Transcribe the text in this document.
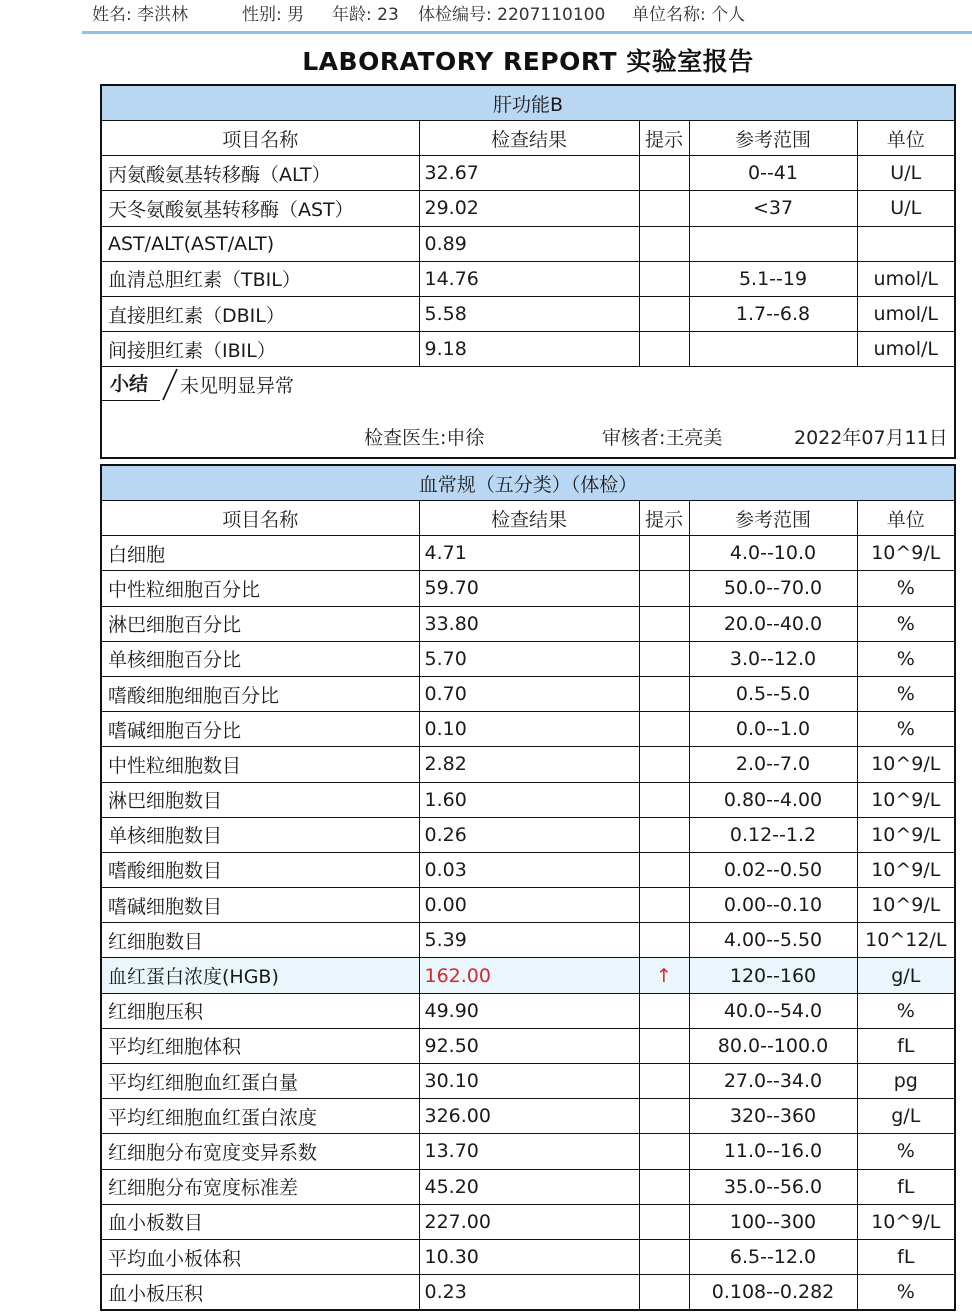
姓名: 李洪林	性别: 男 年龄: 23 体检编号: 2207110100 单位名称: 个人
LABORATORY REPORT 实验室报告
肝功能B				
项目名称	检查结果	提示	参考范围	单位
丙氨酸氨基转移酶（ALT）	32.67		0--41	U/L
天冬氨酸氨基转移酶（AST）	29.02		<37	U/L
AST/ALT(AST/ALT)	0.89			
血清总胆红素（TBIL）	14.76		5.1--19	umol/L
直接胆红素（DBIL）	5.58		1.7--6.8	umol/L
间接胆红素（IBIL）	9.18			umol/L

小结 未见明显异常
检查医生:申徐 审核者:王亮美 2022年07月11日				
血常规（五分类）（体检）				
项目名称	检查结果	提示	参考范围	单位
白细胞	4.71		4.0--10.0	10^9/L
中性粒细胞百分比	59.70		50.0--70.0	%
淋巴细胞百分比	33.80		20.0--40.0	%
单核细胞百分比	5.70		3.0--12.0	%
嗜酸细胞细胞百分比	0.70		0.5--5.0	%
嗜碱细胞百分比	0.10		0.0--1.0	%
中性粒细胞数目	2.82		2.0--7.0	10^9/L
淋巴细胞数目	1.60		0.80--4.00	10^9/L
单核细胞数目	0.26		0.12--1.2	10^9/L
嗜酸细胞数目	0.03		0.02--0.50	10^9/L
嗜碱细胞数目	0.00		0.00--0.10	10^9/L
红细胞数目	5.39		4.00--5.50	10^12/L
血红蛋白浓度(HGB)	162.00	↑	120--160	g/L
红细胞压积	49.90		40.0--54.0	%
平均红细胞体积	92.50		80.0--100.0	fL
平均红细胞血红蛋白量	30.10		27.0--34.0	pg
平均红细胞血红蛋白浓度	326.00		320--360	g/L
红细胞分布宽度变异系数	13.70		11.0--16.0	%
红细胞分布宽度标准差	45.20		35.0--56.0	fL
血小板数目	227.00		100--300	10^9/L
平均血小板体积	10.30		6.5--12.0	fL
血小板压积	0.23		0.108--0.282	%
